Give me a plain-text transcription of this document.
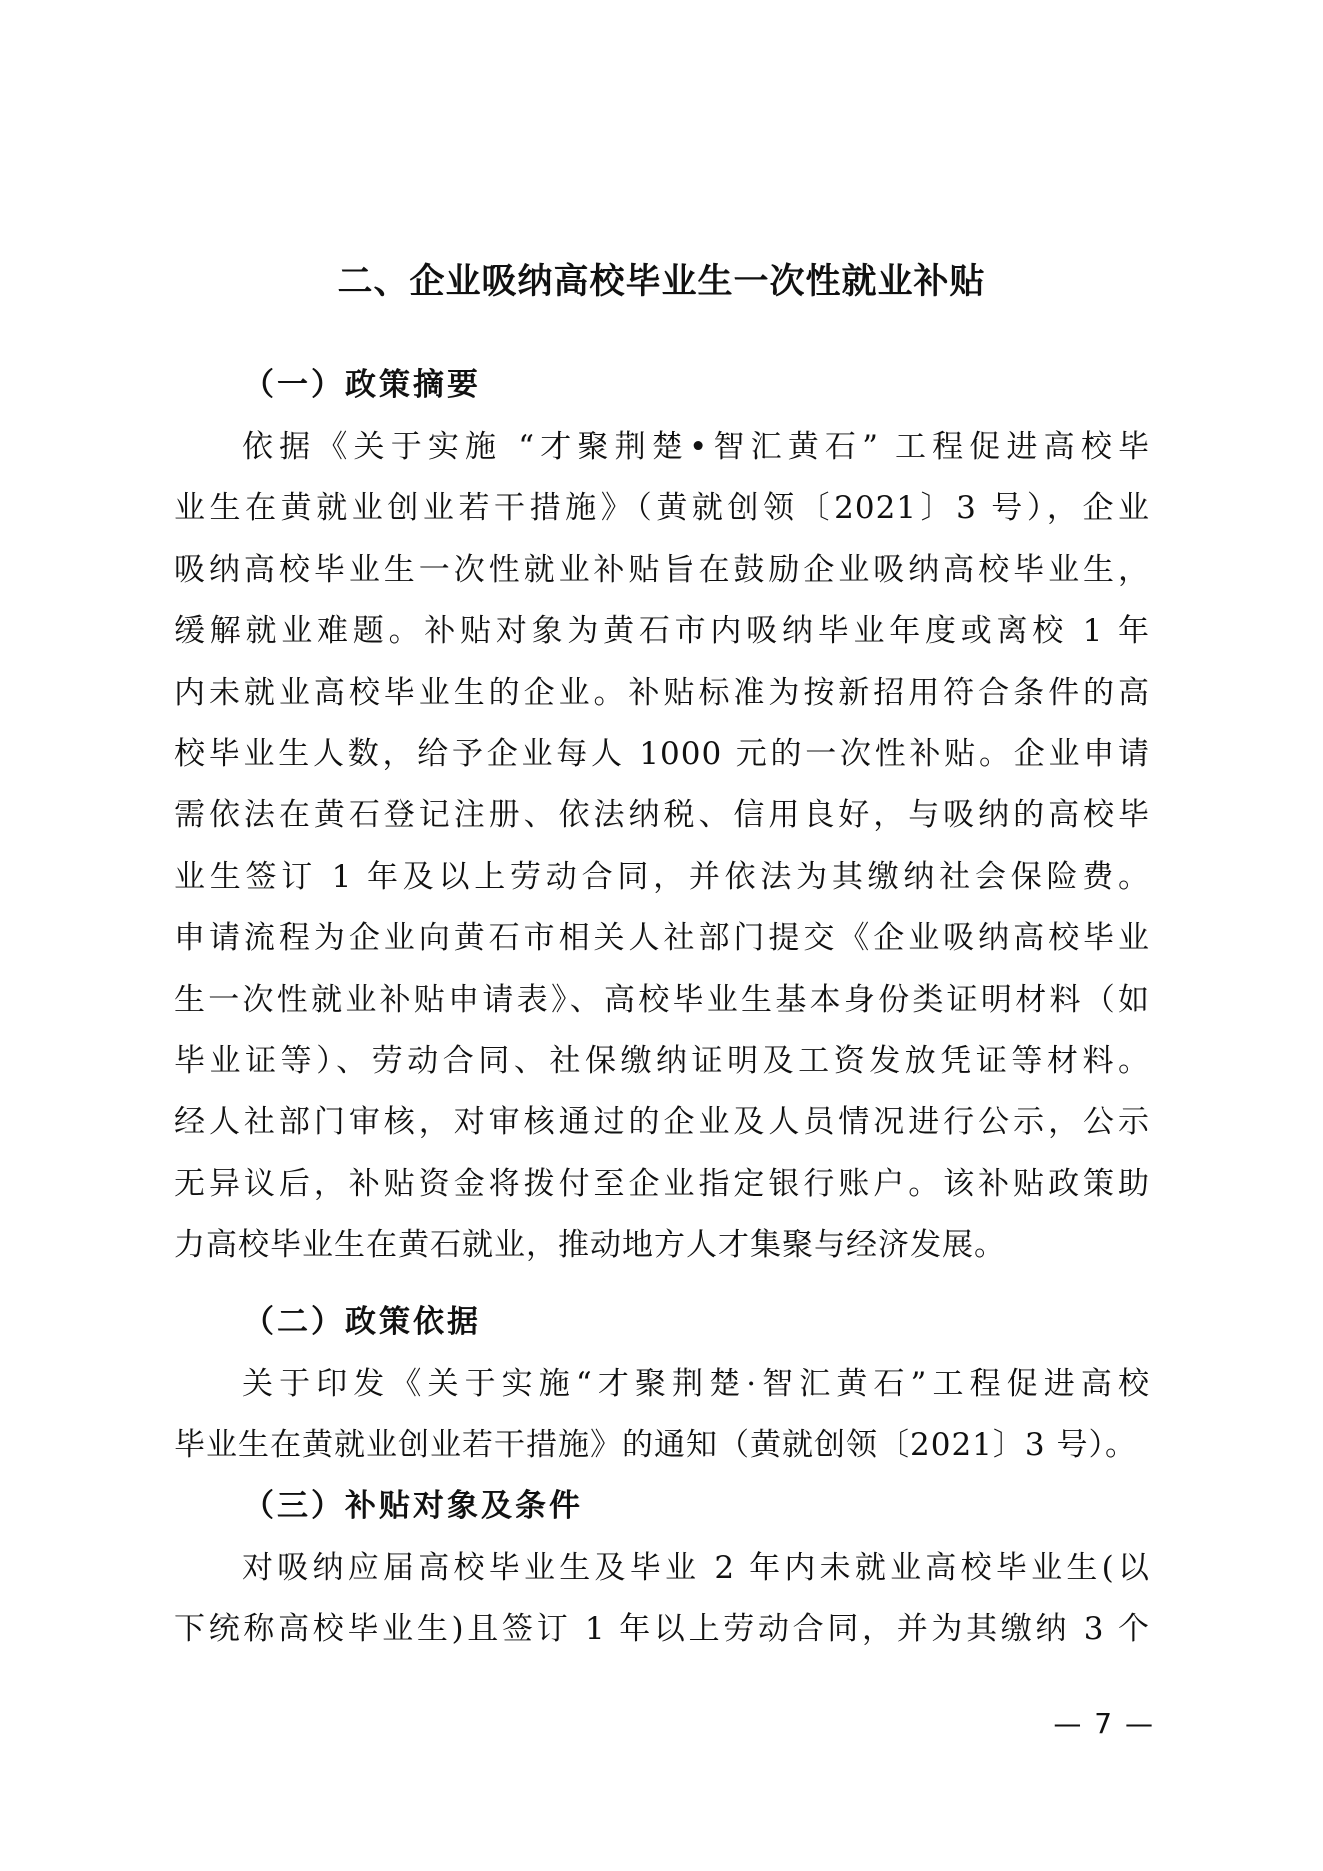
二、企业吸纳高校毕业生一次性就业补贴
（一）政策摘要
依据《关于实施 “才聚荆楚•智汇黄石” 工程促进高校毕
业生在黄就业创业若干措施》（黄就创领〔2021〕3 号），企业
吸纳高校毕业生一次性就业补贴旨在鼓励企业吸纳高校毕业生，
缓解就业难题。补贴对象为黄石市内吸纳毕业年度或离校 1 年
内未就业高校毕业生的企业。补贴标准为按新招用符合条件的高
校毕业生人数，给予企业每人 1000 元的一次性补贴。企业申请
需依法在黄石登记注册、依法纳税、信用良好，与吸纳的高校毕
业生签订 1 年及以上劳动合同，并依法为其缴纳社会保险费。
申请流程为企业向黄石市相关人社部门提交《企业吸纳高校毕业
生一次性就业补贴申请表》、高校毕业生基本身份类证明材料（如
毕业证等）、劳动合同、社保缴纳证明及工资发放凭证等材料。
经人社部门审核，对审核通过的企业及人员情况进行公示，公示
无异议后，补贴资金将拨付至企业指定银行账户。该补贴政策助
力高校毕业生在黄石就业，推动地方人才集聚与经济发展。
（二）政策依据
关于印发《关于实施“才聚荆楚·智汇黄石”工程促进高校
毕业生在黄就业创业若干措施》的通知（黄就创领〔2021〕3 号）。
（三）补贴对象及条件
对吸纳应届高校毕业生及毕业 2 年内未就业高校毕业生(以
下统称高校毕业生)且签订 1 年以上劳动合同，并为其缴纳 3 个
— 7 —
